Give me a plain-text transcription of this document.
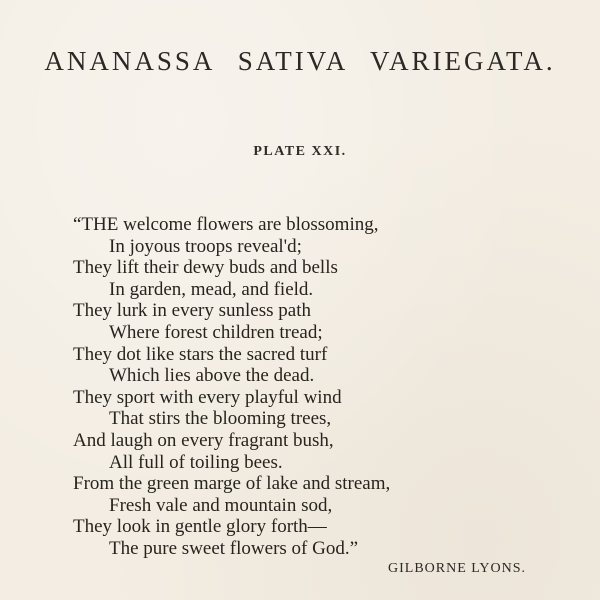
ANANASSA SATIVA VARIEGATA.
PLATE XXI.
“THE welcome flowers are blossoming,
In joyous troops reveal'd;
They lift their dewy buds and bells
In garden, mead, and field.
They lurk in every sunless path
Where forest children tread;
They dot like stars the sacred turf
Which lies above the dead.
They sport with every playful wind
That stirs the blooming trees,
And laugh on every fragrant bush,
All full of toiling bees.
From the green marge of lake and stream,
Fresh vale and mountain sod,
They look in gentle glory forth—
The pure sweet flowers of God.”
GILBORNE LYONS.
